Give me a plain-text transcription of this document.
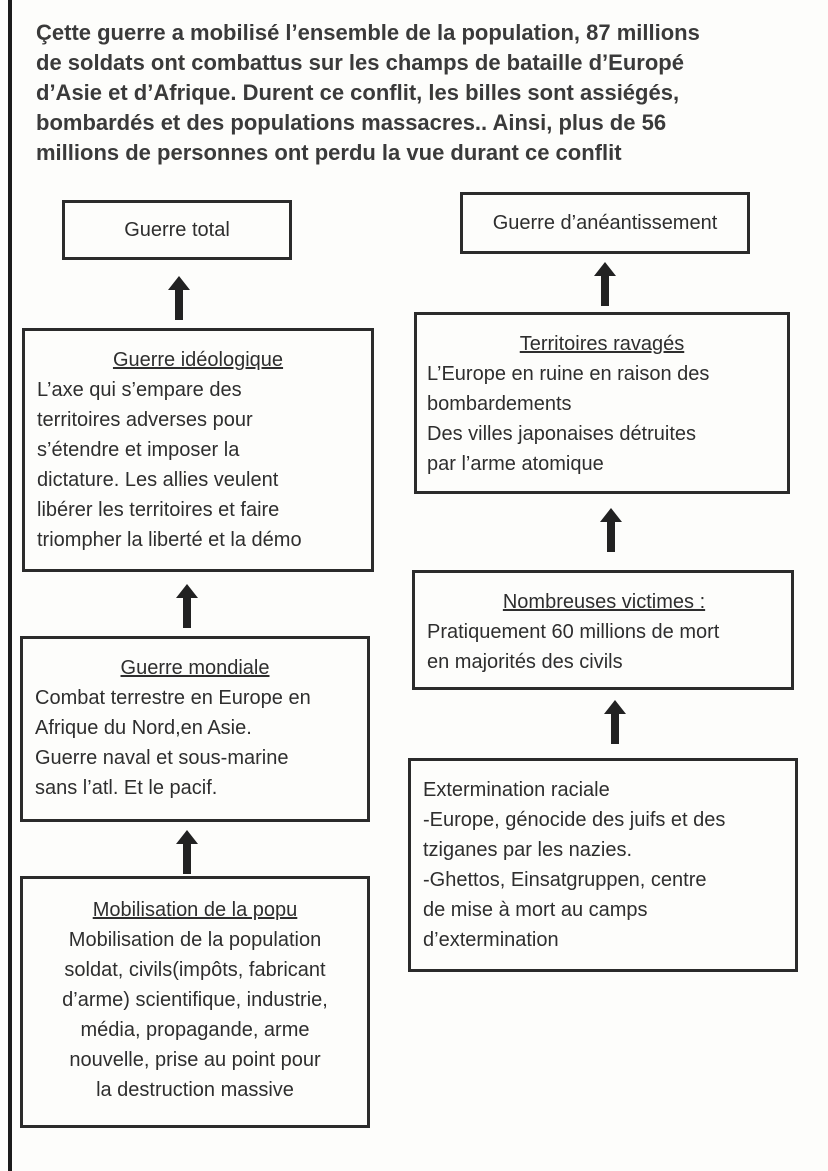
Çette guerre a mobilisé l’ensemble de la population, 87 millions
de soldats ont combattus sur les champs de bataille d’Europé
d’Asie et d’Afrique. Durent ce conflit, les billes sont assiégés,
bombardés et des populations massacres.. Ainsi, plus de 56
millions de personnes ont perdu la vue durant ce conflit

Guerre total
Guerre idéologique
L’axe qui s’empare des
territoires adverses pour
s’étendre et imposer la
dictature. Les allies veulent
libérer les territoires et faire
triompher la liberté et la démo
Guerre mondiale
Combat terrestre en Europe en
Afrique du Nord,en Asie.
Guerre naval et sous-marine
sans l’atl. Et le pacif.
Mobilisation de la popu
Mobilisation de la population
soldat, civils(impôts, fabricant
d’arme) scientifique, industrie,
média, propagande, arme
nouvelle, prise au point pour
la destruction massive
Guerre d’anéantissement
Territoires ravagés
L’Europe en ruine en raison des
bombardements
Des villes japonaises détruites
par l’arme atomique
Nombreuses victimes :
Pratiquement 60 millions de mort
en majorités des civils
Extermination raciale
-Europe, génocide des juifs et des
tziganes par les nazies.
-Ghettos, Einsatgruppen, centre
de mise à mort au camps
d’extermination
